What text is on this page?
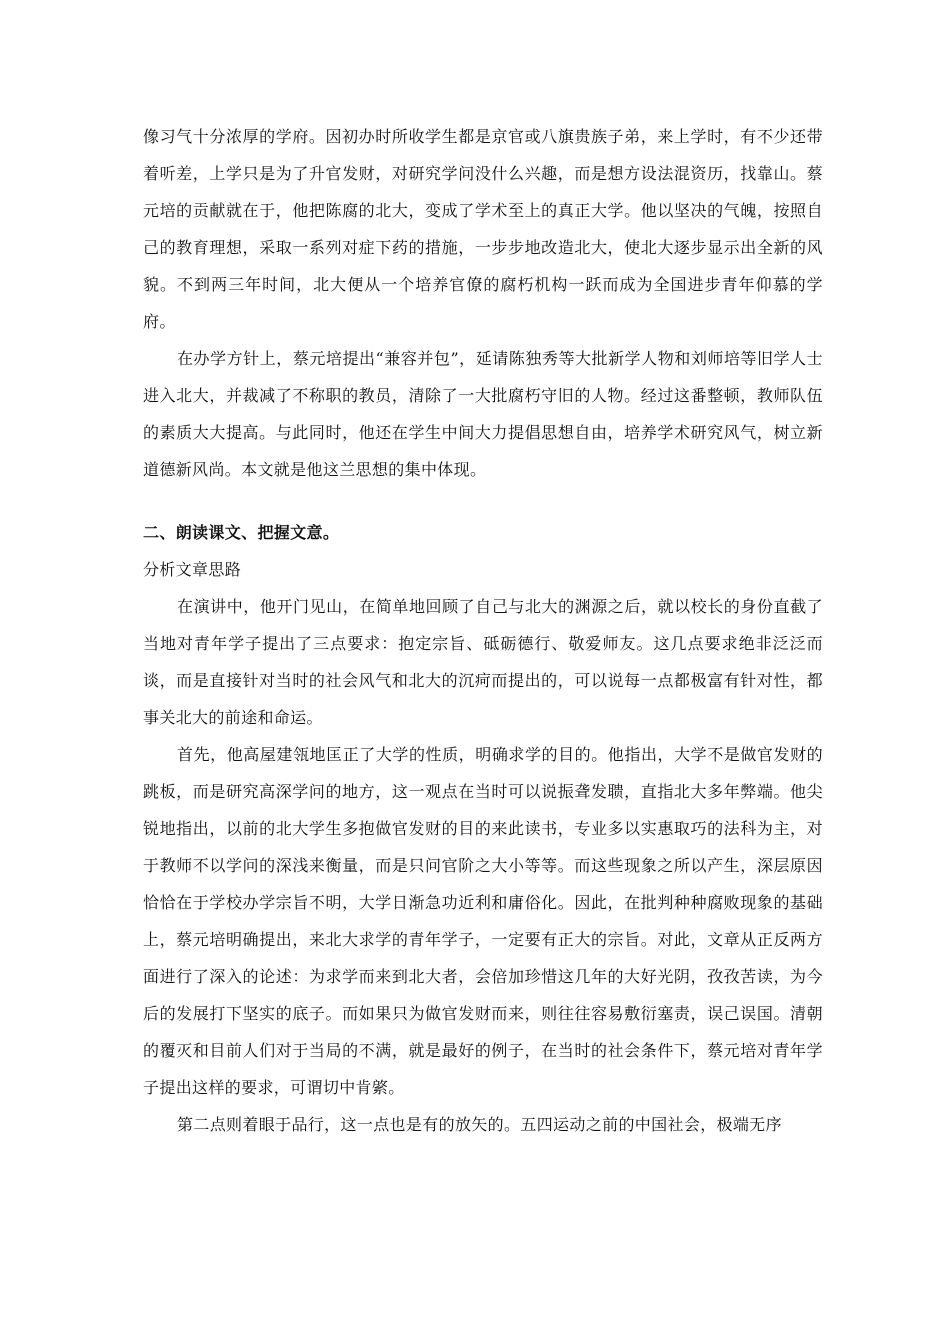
像习气十分浓厚的学府。因初办时所收学生都是京官或八旗贵族子弟，来上学时，有不少还带着听差，上学只是为了升官发财，对研究学问没什么兴趣，而是想方设法混资历，找靠山。蔡元培的贡献就在于，他把陈腐的北大，变成了学术至上的真正大学。他以坚决的气魄，按照自己的教育理想，采取一系列对症下药的措施，一步步地改造北大，使北大逐步显示出全新的风貌。不到两三年时间，北大便从一个培养官僚的腐朽机构一跃而成为全国进步青年仰慕的学府。

在办学方针上，蔡元培提出“兼容并包”，延请陈独秀等大批新学人物和刘师培等旧学人士进入北大，并裁减了不称职的教员，清除了一大批腐朽守旧的人物。经过这番整顿，教师队伍的素质大大提高。与此同时，他还在学生中间大力提倡思想自由，培养学术研究风气，树立新道德新风尚。本文就是他这兰思想的集中体现。

二、朗读课文、把握文意。

分析文章思路

在演讲中，他开门见山，在简单地回顾了自己与北大的渊源之后，就以校长的身份直截了当地对青年学子提出了三点要求：抱定宗旨、砥砺德行、敬爱师友。这几点要求绝非泛泛而谈，而是直接针对当时的社会风气和北大的沉疴而提出的，可以说每一点都极富有针对性，都事关北大的前途和命运。

首先，他高屋建瓴地匡正了大学的性质，明确求学的目的。他指出，大学不是做官发财的跳板，而是研究高深学问的地方，这一观点在当时可以说振聋发聩，直指北大多年弊端。他尖锐地指出，以前的北大学生多抱做官发财的目的来此读书，专业多以实惠取巧的法科为主，对于教师不以学问的深浅来衡量，而是只问官阶之大小等等。而这些现象之所以产生，深层原因恰恰在于学校办学宗旨不明，大学日渐急功近利和庸俗化。因此，在批判种种腐败现象的基础上，蔡元培明确提出，来北大求学的青年学子，一定要有正大的宗旨。对此，文章从正反两方面进行了深入的论述：为求学而来到北大者，会倍加珍惜这几年的大好光阴，孜孜苦读，为今后的发展打下坚实的底子。而如果只为做官发财而来，则往往容易敷衍塞责，误己误国。清朝的覆灭和目前人们对于当局的不满，就是最好的例子，在当时的社会条件下，蔡元培对青年学子提出这样的要求，可谓切中肯綮。

第二点则着眼于品行，这一点也是有的放矢的。五四运动之前的中国社会，极端无序
